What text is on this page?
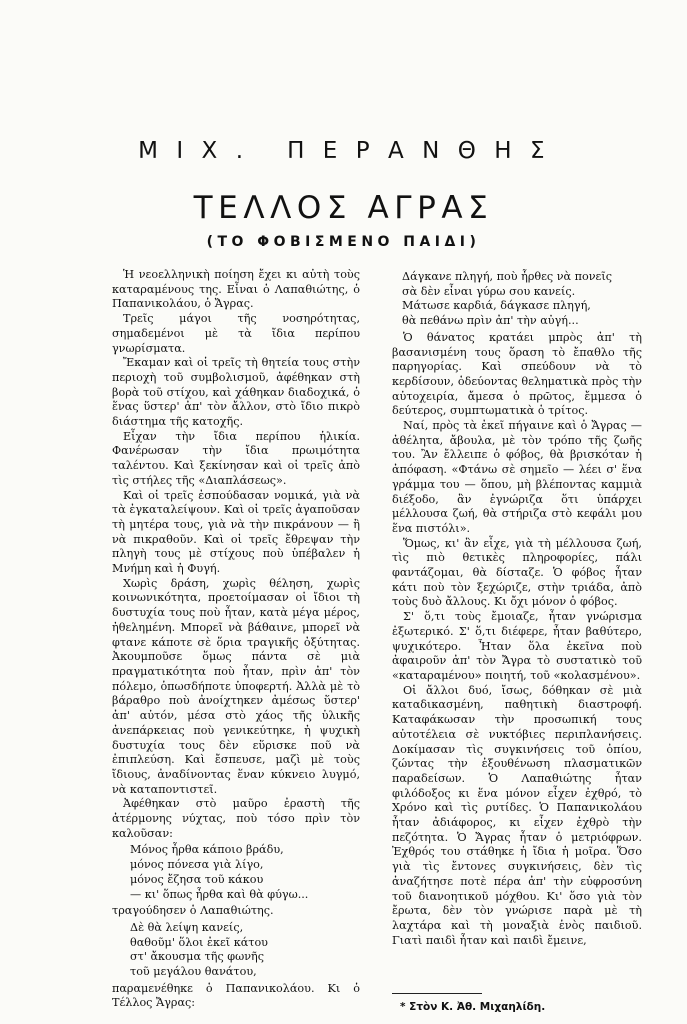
ΜΙΧ. ΠΕΡΑΝΘΗΣ
ΤΕΛΛΟΣ ΑΓΡΑΣ
(ΤΟ ΦΟΒΙΣΜΕΝΟ ΠΑΙΔΙ)

Ἡ νεοελληνικὴ ποίηση ἔχει κι αὐτὴ τοὺς καταραμένους της. Εἶναι ὁ Λαπαθιώτης, ὁ Παπανικολάου, ὁ Ἄγρας.

Τρεῖς μάγοι τῆς νοσηρότητας, σημαδεμένοι μὲ τὰ ἴδια περίπου γνωρίσματα.

Ἔκαμαν καὶ οἱ τρεῖς τὴ θητεία τους στὴν περιοχὴ τοῦ συμβολισμοῦ, ἀφέθηκαν στὴ βορὰ τοῦ στίχου, καὶ χάθηκαν διαδοχικά, ὁ ἕνας ὕστερ' ἀπ' τὸν ἄλλον, στὸ ἴδιο πικρὸ διάστημα τῆς κατοχῆς.

Εἶχαν τὴν ἴδια περίπου ἡλικία. Φανέρωσαν τὴν ἴδια πρωιμότητα ταλέντου. Καὶ ξεκίνησαν καὶ οἱ τρεῖς ἀπὸ τὶς στήλες τῆς «Διαπλάσεως».

Καὶ οἱ τρεῖς ἐσπούδασαν νομικά, γιὰ νὰ τὰ ἐγκαταλείψουν. Καὶ οἱ τρεῖς ἀγαποῦσαν τὴ μητέρα τους, γιὰ νὰ τὴν πικράνουν — ἢ νὰ πικραθοῦν. Καὶ οἱ τρεῖς ἔθρεψαν τὴν πληγὴ τους μὲ στίχους ποὺ ὑπέβαλεν ἡ Μνήμη καὶ ἡ Φυγή.

Χωρὶς δράση, χωρὶς θέληση, χωρὶς κοινωνικότητα, προετοίμασαν οἱ ἴδιοι τὴ δυστυχία τους ποὺ ἦταν, κατὰ μέγα μέρος, ἠθελημένη. Μπορεῖ νὰ βάθαινε, μπορεῖ νὰ φτανε κάποτε σὲ ὅρια τραγικῆς ὀξύτητας. Ἀκουμποῦσε ὅμως πάντα σὲ μιὰ πραγματικότητα ποὺ ἦταν, πρὶν ἀπ' τὸν πόλεμο, ὁπωσδήποτε ὑποφερτή. Ἀλλὰ μὲ τὸ βάραθρο ποὺ ἀνοίχτηκεν ἀμέσως ὕστερ' ἀπ' αὐτόν, μέσα στὸ χάος τῆς ὑλικῆς ἀνεπάρκειας ποὺ γενικεύτηκε, ἡ ψυχικὴ δυστυχία τους δὲν εὕρισκε ποῦ νὰ ἐπιπλεύση. Καὶ ἔσπευσε, μαζὶ μὲ τοὺς ἴδιους, ἀναδίνοντας ἕναν κύκνειο λυγμό, νὰ καταποντιστεῖ.

Ἀφέθηκαν στὸ μαῦρο ἐραστὴ τῆς ἀτέρμονης νύχτας, ποὺ τόσο πρὶν τὸν καλοῦσαν:

Μόνος ἦρθα κάποιο βράδυ,
μόνος πόνεσα γιὰ λίγο,
μόνος ἔζησα τοῦ κάκου
— κι' ὅπως ἦρθα καὶ θὰ φύγω...

τραγούδησεν ὁ Λαπαθιώτης.

Δὲ θὰ λείψη κανείς,
θαθοῦμ' ὅλοι ἐκεῖ κάτου
στ' ἄκουσμα τῆς φωνῆς
τοῦ μεγάλου θανάτου,

παραμενέθηκε ὁ Παπανικολάου. Κι ὁ Τέλλος Ἄγρας:

Δάγκανε πληγή, ποὺ ἦρθες νὰ πονεῖς
σὰ δὲν εἶναι γύρω σου κανείς.
Μάτωσε καρδιά, δάγκασε πληγή,
θὰ πεθάνω πρὶν ἀπ' τὴν αὐγή...

Ὁ θάνατος κρατάει μπρὸς ἀπ' τὴ βασανισμένη τους ὅραση τὸ ἔπαθλο τῆς παρηγορίας. Καὶ σπεύδουν νὰ τὸ κερδίσουν, ὁδεύοντας θεληματικὰ πρὸς τὴν αὐτοχειρία, ἄμεσα ὁ πρῶτος, ἔμμεσα ὁ δεύτερος, συμπτωματικὰ ὁ τρίτος.

Ναί, πρὸς τὰ ἐκεῖ πήγαινε καὶ ὁ Ἄγρας — ἀθέλητα, ἄβουλα, μὲ τὸν τρόπο τῆς ζωῆς του. Ἂν ἔλλειπε ὁ φόβος, θὰ βρισκόταν ἡ ἀπόφαση. «Φτάνω σὲ σημεῖο — λέει σ' ἕνα γράμμα του — ὅπου, μὴ βλέποντας καμμιὰ διέξοδο, ἂν ἐγνώριζα ὅτι ὑπάρχει μέλλουσα ζωή, θὰ στήριζα στὸ κεφάλι μου ἕνα πιστόλι».

Ὅμως, κι' ἂν εἶχε, γιὰ τὴ μέλλουσα ζωή, τὶς πιὸ θετικὲς πληροφορίες, πάλι φαντάζομαι, θὰ δίσταζε. Ὁ φόβος ἦταν κάτι ποὺ τὸν ξεχώριζε, στὴν τριάδα, ἀπὸ τοὺς δυὸ ἄλλους. Κι ὄχι μόνον ὁ φόβος.

Σ' ὅ,τι τοὺς ἔμοιαζε, ἦταν γνώρισμα ἐξωτερικό. Σ' ὅ,τι διέφερε, ἦταν βαθύτερο, ψυχικότερο. Ἦταν ὅλα ἐκεῖνα ποὺ ἀφαιροῦν ἀπ' τὸν Ἄγρα τὸ συστατικὸ τοῦ «καταραμένου» ποιητή, τοῦ «κολασμένου».

Οἱ ἄλλοι δυό, ἴσως, δόθηκαν σὲ μιὰ καταδικασμένη, παθητικὴ διαστροφή. Καταφάκωσαν τὴν προσωπική τους αὐτοτέλεια σὲ νυκτόβιες περιπλανήσεις. Δοκίμασαν τὶς συγκινήσεις τοῦ ὀπίου, ζώντας τὴν ἐξουθένωση πλασματικῶν παραδείσων. Ὁ Λαπαθιώτης ἦταν φιλόδοξος κι ἕνα μόνον εἶχεν ἐχθρό, τὸ Χρόνο καὶ τὶς ρυτίδες. Ὁ Παπανικολάου ἦταν ἀδιάφορος, κι εἶχεν ἐχθρὸ τὴν πεζότητα. Ὁ Ἄγρας ἦταν ὁ μετριόφρων. Ἐχθρός του στάθηκε ἡ ἴδια ἡ μοῖρα. Ὅσο γιὰ τὶς ἔντονες συγκινήσεις, δὲν τὶς ἀναζήτησε ποτὲ πέρα ἀπ' τὴν εὐφροσύνη τοῦ διανοητικοῦ μόχθου. Κι' ὅσο γιὰ τὸν ἔρωτα, δὲν τὸν γνώρισε παρὰ μὲ τὴ λαχτάρα καὶ τὴ μοναξιὰ ἑνὸς παιδιοῦ. Γιατὶ παιδὶ ἦταν καὶ παιδὶ ἔμεινε,

* Στὸν Κ. Ἀθ. Μιχαηλίδη.
